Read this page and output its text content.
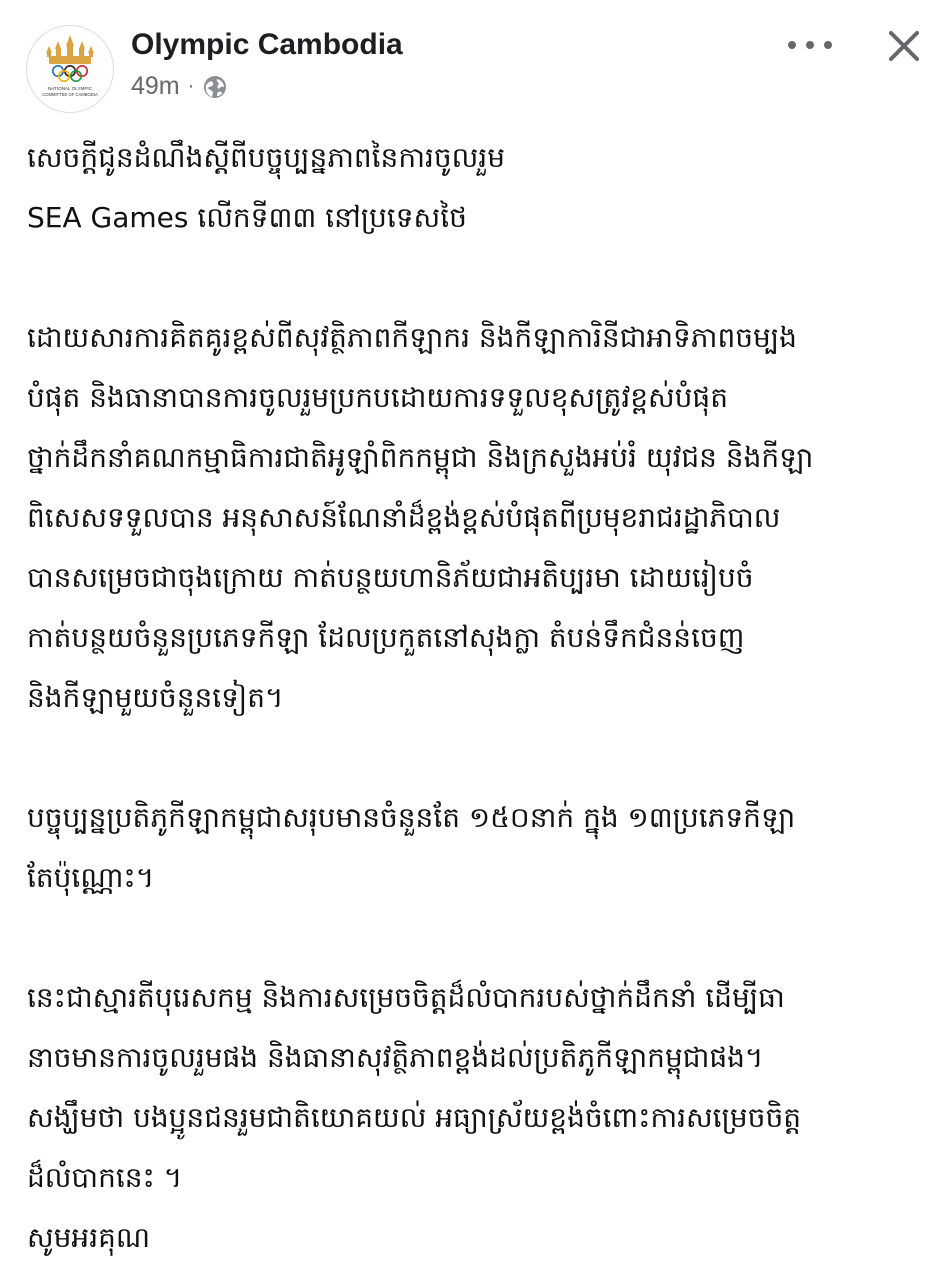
NATIONAL OLYMPIC
COMMITTEE OF CAMBODIA
Olympic Cambodia
49m ·

សេចក្ដីជូនដំណឹងស្តីពីបច្ចុប្បន្នភាពនៃការចូលរួម

SEA Games លើកទី៣៣ នៅប្រទេសថៃ

ដោយសារការគិតគូរខ្ពស់ពីសុវត្ថិភាពកីឡាករ និងកីឡាការិនីជាអាទិភាពចម្បង

បំផុត និងធានាបានការចូលរួមប្រកបដោយការទទួលខុសត្រូវខ្ពស់បំផុត

ថ្នាក់ដឹកនាំគណកម្មាធិការជាតិអូឡាំពិកកម្ពុជា និងក្រសួងអប់រំ យុវជន និងកីឡា

ពិសេសទទួលបាន អនុសាសន៍ណែនាំដ៏ខ្ពង់ខ្ពស់បំផុតពីប្រមុខរាជរដ្ឋាភិបាល

បានសម្រេចជាចុងក្រោយ កាត់បន្ថយហានិភ័យជាអតិប្បរមា ដោយរៀបចំ

កាត់បន្ថយចំនួនប្រភេទកីឡា ដែលប្រកួតនៅសុងក្លា តំបន់ទឹកជំនន់ចេញ

និងកីឡាមួយចំនួនទៀត។

បច្ចុប្បន្នប្រតិភូកីឡាកម្ពុជាសរុបមានចំនួនតែ ១៥០នាក់ ក្នុង ១៣ប្រភេទកីឡា

តែប៉ុណ្ណោះ។

នេះជាស្មារតីបុរេសកម្ម និងការសម្រេចចិត្តដ៏លំបាករបស់ថ្នាក់ដឹកនាំ ដើម្បីធា

នាចមានការចូលរួមផង និងធានាសុវត្ថិភាពខ្ពង់ដល់ប្រតិភូកីឡាកម្ពុជាផង។

សង្ឃឹមថា បងប្អូនជនរួមជាតិយោគយល់ អធ្យាស្រ័យខ្ពង់ចំពោះការសម្រេចចិត្ត

ដ៏លំបាកនេះ ។

សូមអរគុណ
